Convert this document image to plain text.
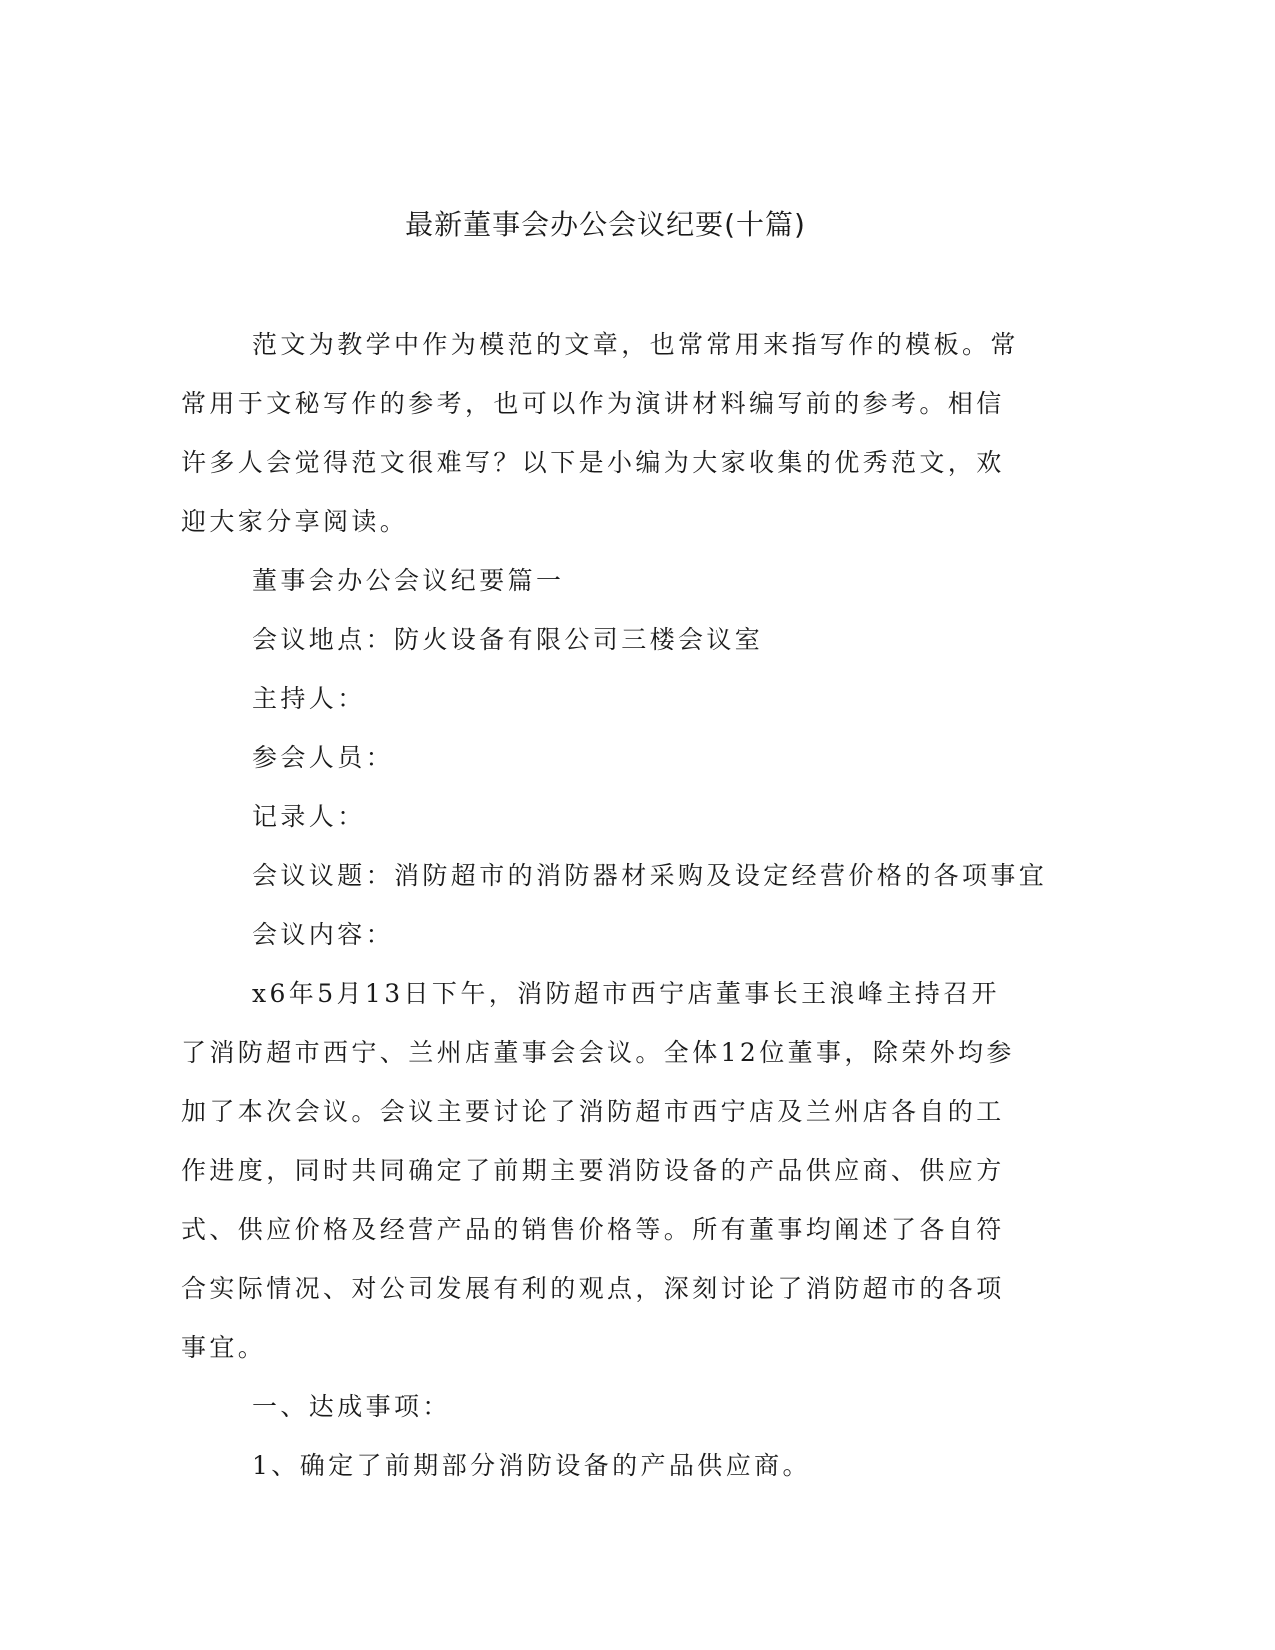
最新董事会办公会议纪要(十篇)

范文为教学中作为模范的文章，也常常用来指写作的模板。常常用于文秘写作的参考，也可以作为演讲材料编写前的参考。相信许多人会觉得范文很难写？以下是小编为大家收集的优秀范文，欢迎大家分享阅读。

董事会办公会议纪要篇一

会议地点：防火设备有限公司三楼会议室

主持人：

参会人员：

记录人：

会议议题：消防超市的消防器材采购及设定经营价格的各项事宜

会议内容：

x6年5月13日下午，消防超市西宁店董事长王浪峰主持召开了消防超市西宁、兰州店董事会会议。全体12位董事，除荣外均参加了本次会议。会议主要讨论了消防超市西宁店及兰州店各自的工作进度，同时共同确定了前期主要消防设备的产品供应商、供应方式、供应价格及经营产品的销售价格等。所有董事均阐述了各自符合实际情况、对公司发展有利的观点，深刻讨论了消防超市的各项事宜。

一、达成事项：

1、确定了前期部分消防设备的产品供应商。
